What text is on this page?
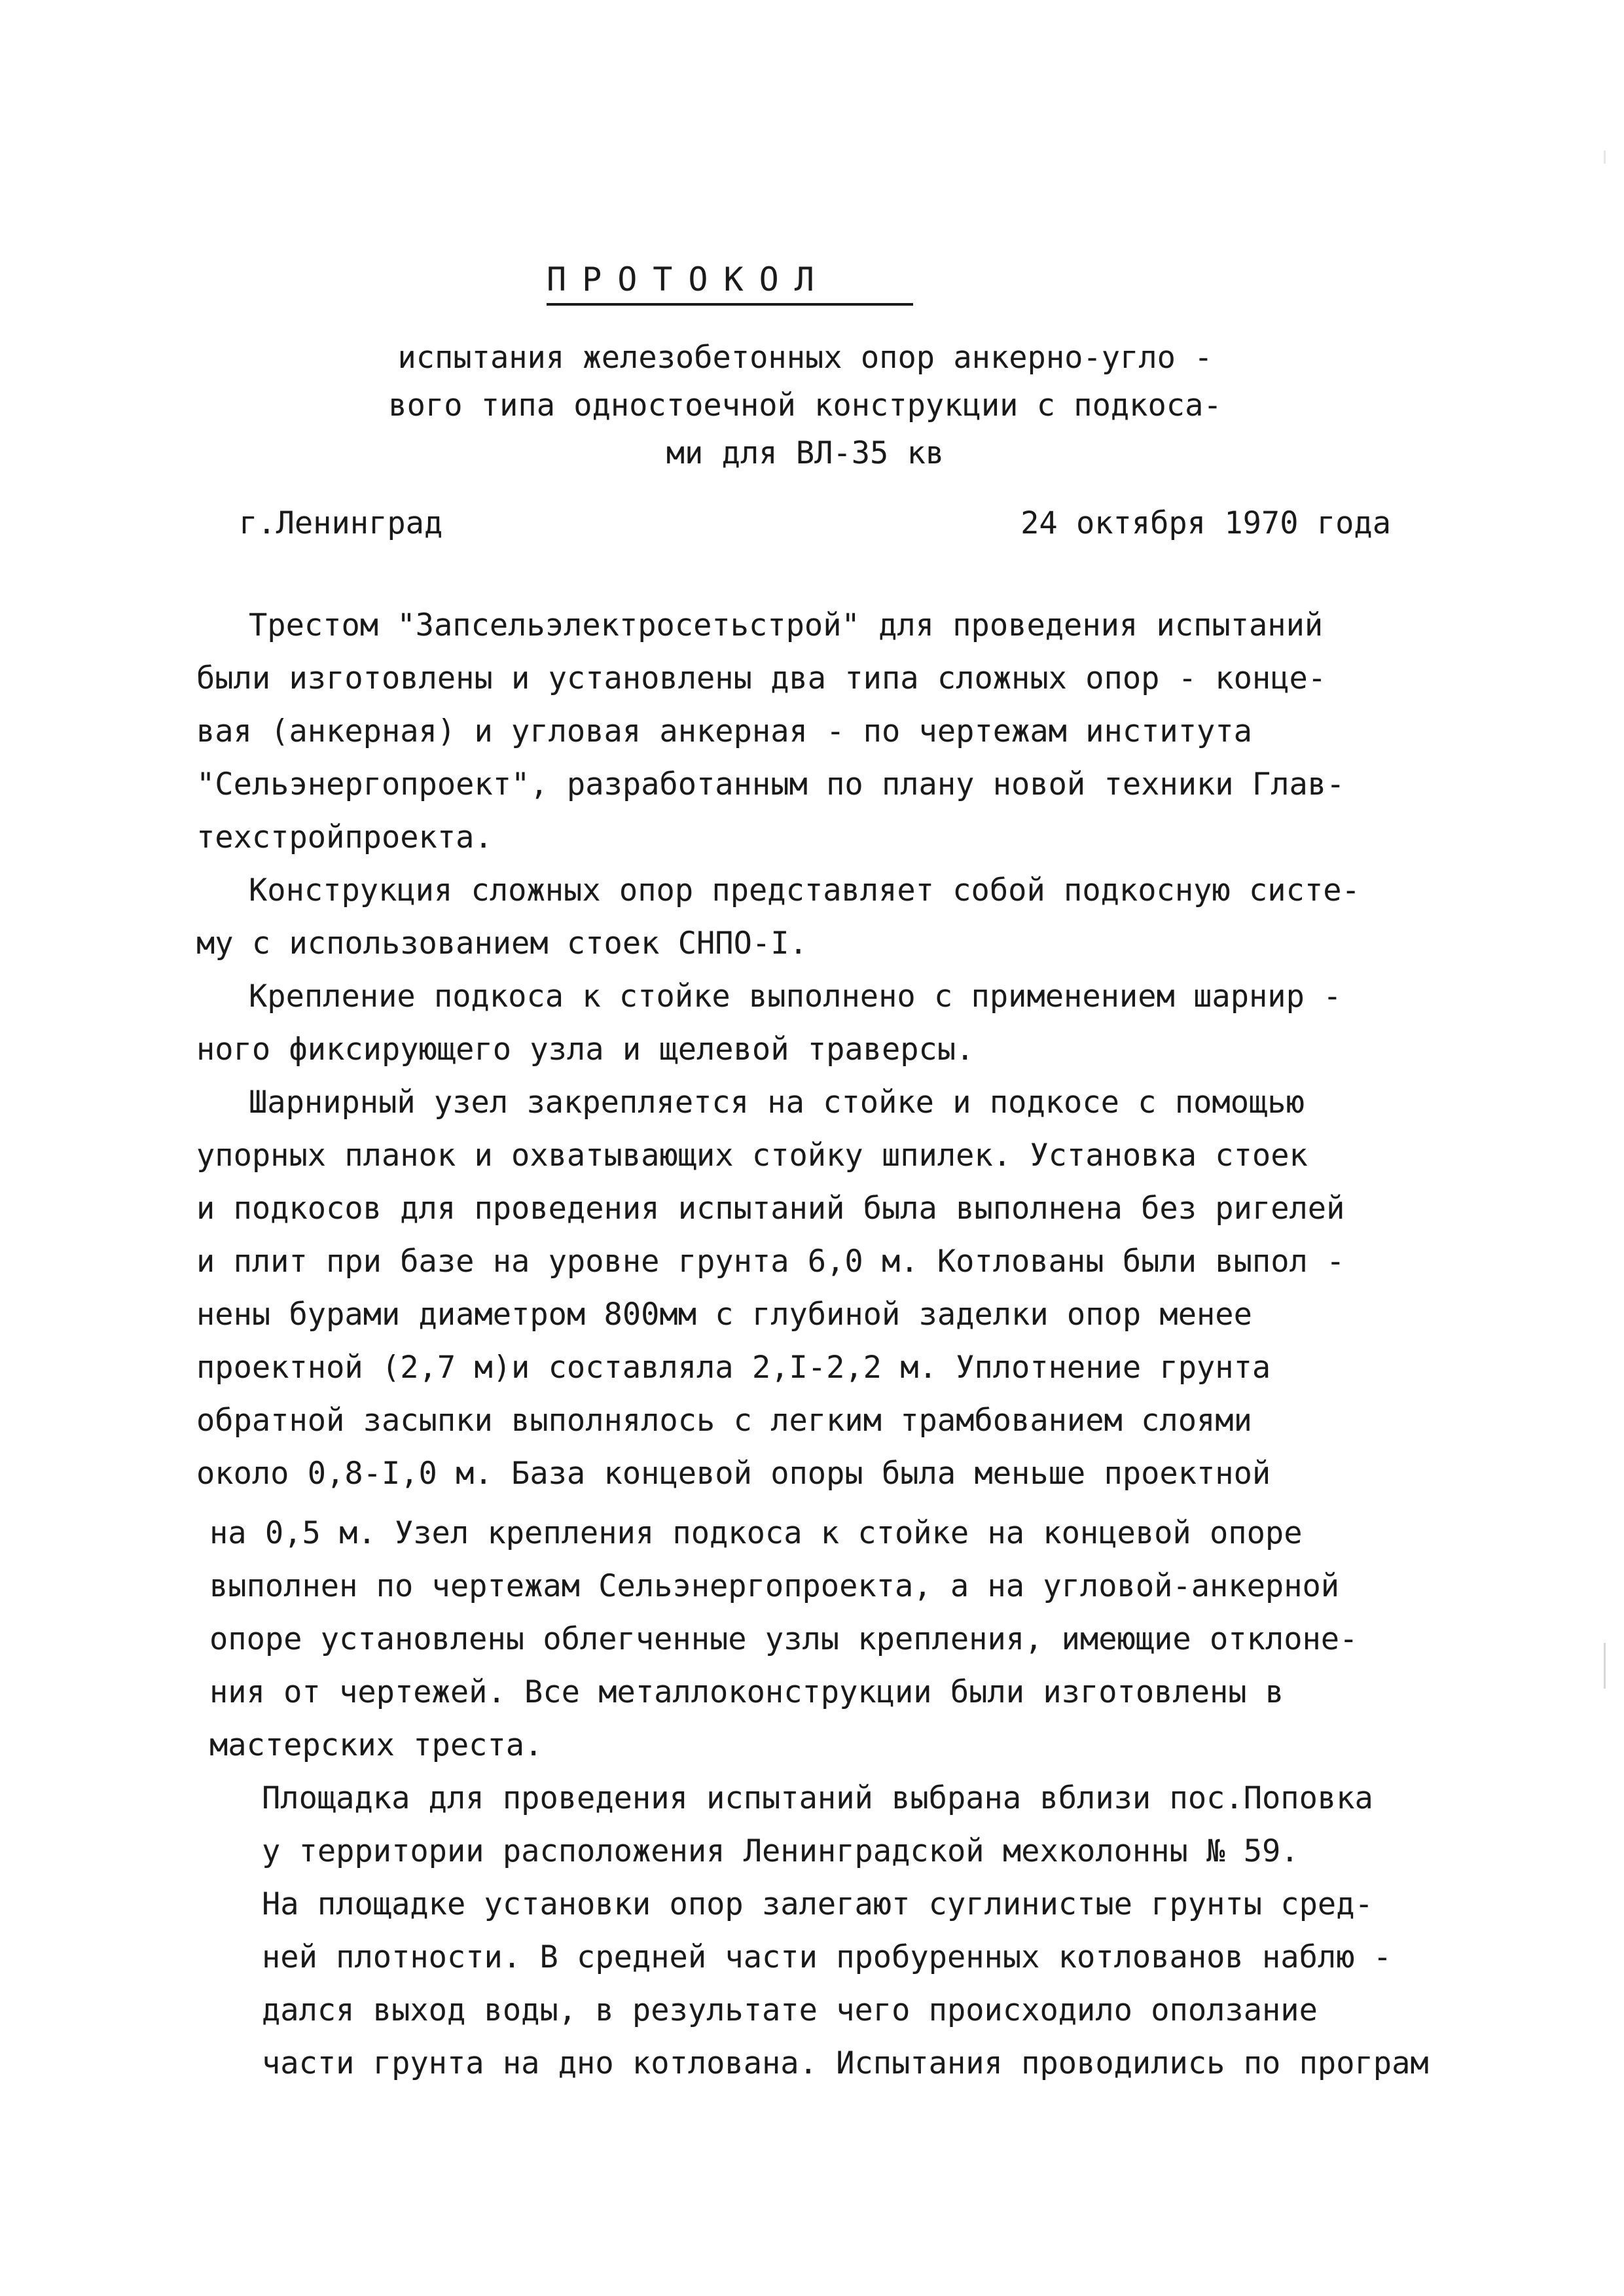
ПРОТОКОЛ
испытания железобетонных опор анкерно-угло -
вого типа одностоечной конструкции с подкоса-
ми для ВЛ-35 кв
г.Ленинград	24 октября 1970 года
Трестом "Запсельэлектросетьстрой" для проведения испытаний
были изготовлены и установлены два типа сложных опор - конце-
вая (анкерная) и угловая анкерная - по чертежам института
"Сельэнергопроект", разработанным по плану новой техники Глав-
техстройпроекта.
Конструкция сложных опор представляет собой подкосную систе-
му с использованием стоек СНПО-I.
Крепление подкоса к стойке выполнено с применением шарнир -
ного фиксирующего узла и щелевой траверсы.
Шарнирный узел закрепляется на стойке и подкосе с помощью
упорных планок и охватывающих стойку шпилек. Установка стоек
и подкосов для проведения испытаний была выполнена без ригелей
и плит при базе на уровне грунта 6,0 м. Котлованы были выпол -
нены бурами диаметром 800мм с глубиной заделки опор менее
проектной (2,7 м)и составляла 2,I-2,2 м. Уплотнение грунта
обратной засыпки выполнялось с легким трамбованием слоями
около 0,8-I,0 м. База концевой опоры была меньше проектной
на 0,5 м. Узел крепления подкоса к стойке на концевой опоре
выполнен по чертежам Сельэнергопроекта, а на угловой-анкерной
опоре установлены облегченные узлы крепления, имеющие отклоне-
ния от чертежей. Все металлоконструкции были изготовлены в
мастерских треста.
Площадка для проведения испытаний выбрана вблизи пос.Поповка
у территории расположения Ленинградской мехколонны № 59.
На площадке установки опор залегают суглинистые грунты сред-
ней плотности. В средней части пробуренных котлованов наблю -
дался выход воды, в результате чего происходило оползание
части грунта на дно котлована. Испытания проводились по програм
